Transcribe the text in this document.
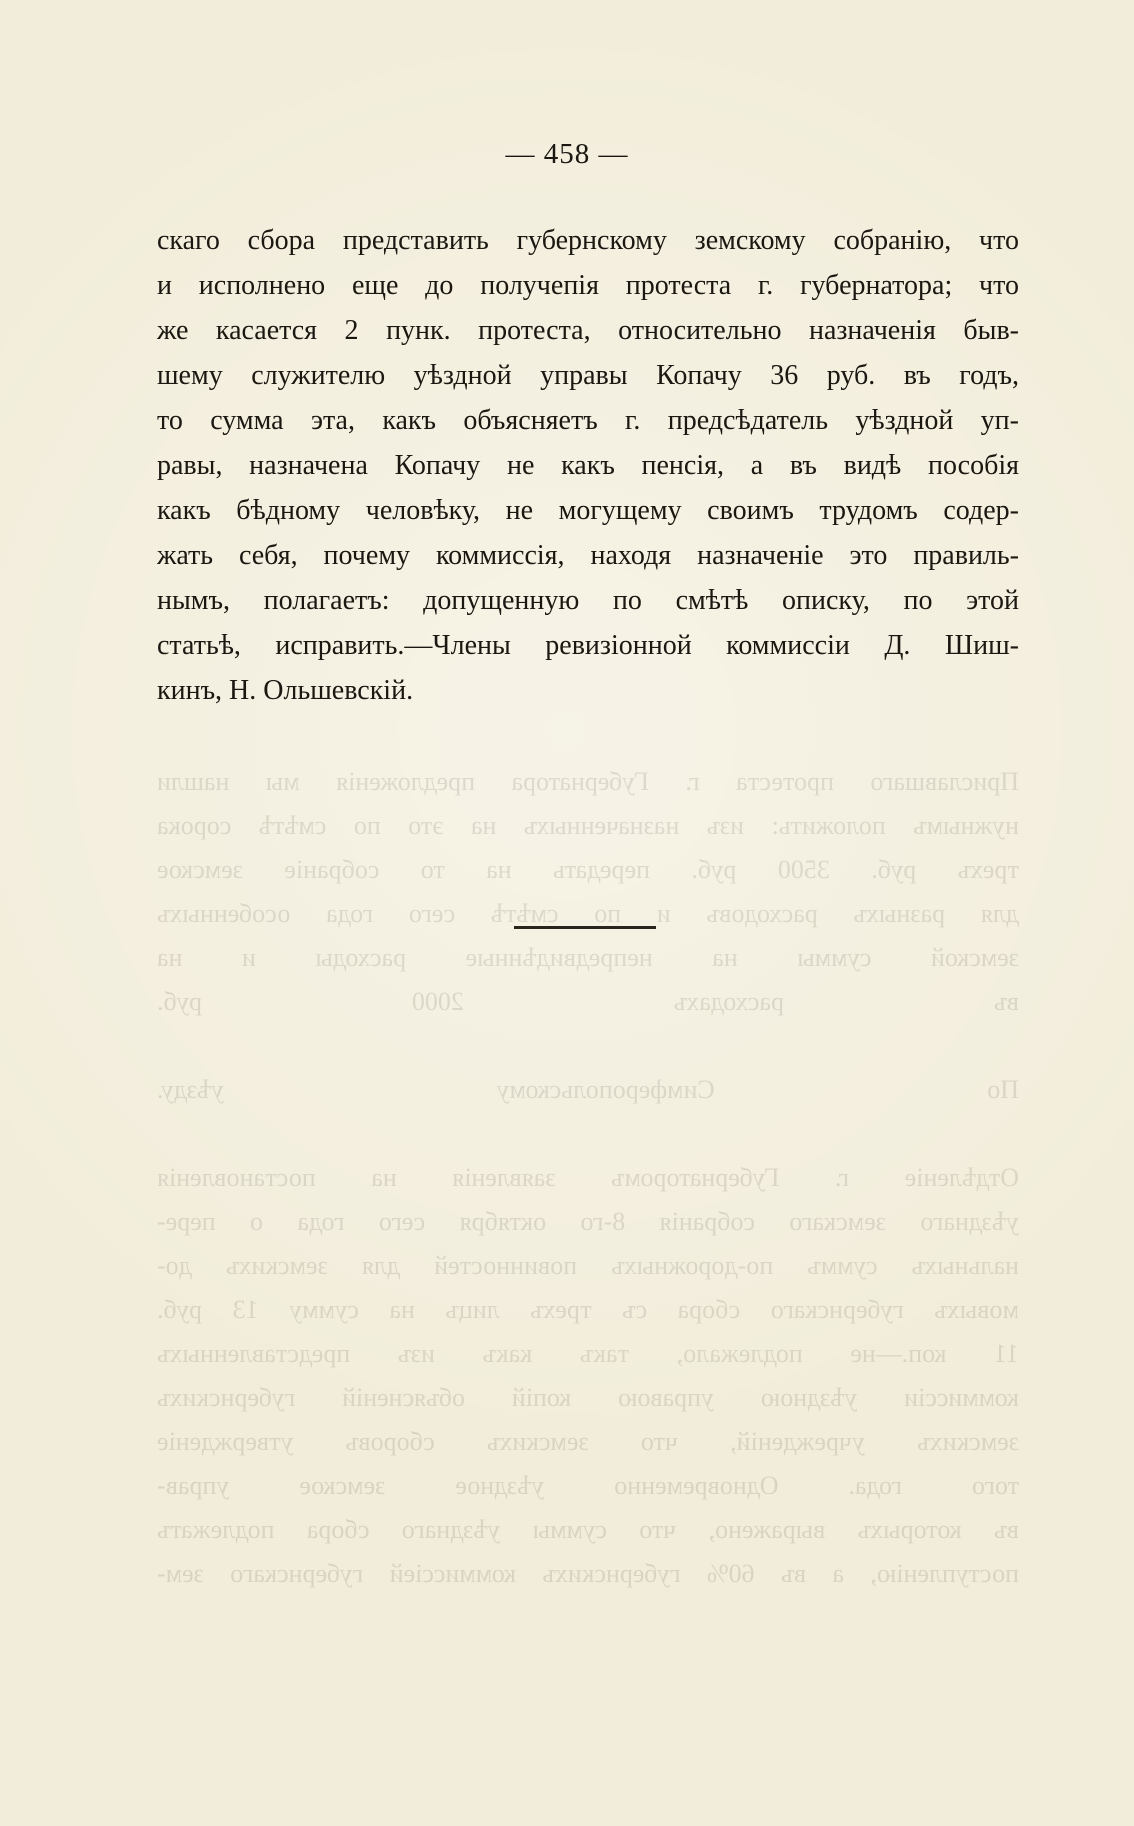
— 458 —
скаго сбора представить губернскому земскому собранію, что
и исполнено еще до получепія протеста г. губернатора; что
же касается 2 пунк. протеста, относительно назначенія быв-
шему служителю уѣздной управы Копачу 36 руб. въ годъ,
то сумма эта, какъ объясняетъ г. предсѣдатель уѣздной уп-
равы, назначена Копачу не какъ пенсія, а въ видѣ пособія
какъ бѣдному человѣку, не могущему своимъ трудомъ содер-
жать себя, почему коммиссія, находя назначеніе это правиль-
нымъ, полагаетъ: допущенную по смѣтѣ описку, по этой
статьѣ, исправить.—Члены ревизіонной коммиссіи Д. Шиш-
кинъ, Н. Ольшевскій.
Приславшаго протеста г. Губернатора предложенія мы нашли
нужнымъ положить: изъ назначенныхъ на это по смѣтѣ сорока
трехъ руб. 3500 руб. передать на то собраніе земское
для разныхъ расходовъ и по смѣтѣ сего года особенныхъ
земской суммы на непредвидѣнные расходы и на
въ расходахъ 2000 руб.

По Симферопольскому уѣзду.

Отдѣленіе г. Губернаторомъ заявленія на постановленія
уѣзднаго земскаго собранія 8-го октября сего года о пере-
нальныхъ суммъ по-дорожныхъ повинностей для земскихъ до-
мовыхъ губернскаго сбора съ трехъ лицъ на сумму 13 руб.
11 коп.—не подлежало, такъ какъ изъ представленныхъ
коммиссіи уѣздною управою копій объясненій губернскихъ
земскихъ учрежденій, что земскихъ сборовъ утвержденіе
того года. Одновременно уѣздное земское управ-
въ которыхъ выражено, что суммы уѣзднаго сбора подлежатъ
поступленію, а въ 60% губернскихъ коммиссіей губернскаго зем-
